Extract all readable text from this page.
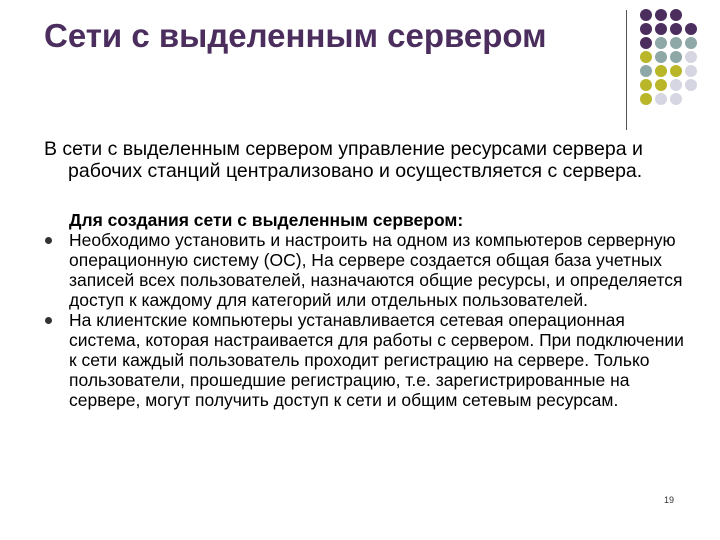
Сети с выделенным сервером

В сети с выделенным сервером управление ресурсами сервера и рабочих станций централизовано и осуществляется с сервера.

Для создания сети с выделенным сервером:

Необходимо установить и настроить на одном из компьютеров серверную операционную систему (ОС), На сервере создается общая база учетных записей всех пользователей, назначаются общие ресурсы, и определяется доступ к каждому для категорий или отдельных пользователей.
На клиентские компьютеры устанавливается сетевая операционная система, которая настраивается для работы с сервером. При подключении к сети каждый пользователь проходит регистрацию на сервере. Только пользователи, прошедшие регистрацию, т.е. зарегистрированные на сервере, могут получить доступ к сети и общим сетевым ресурсам.
19
